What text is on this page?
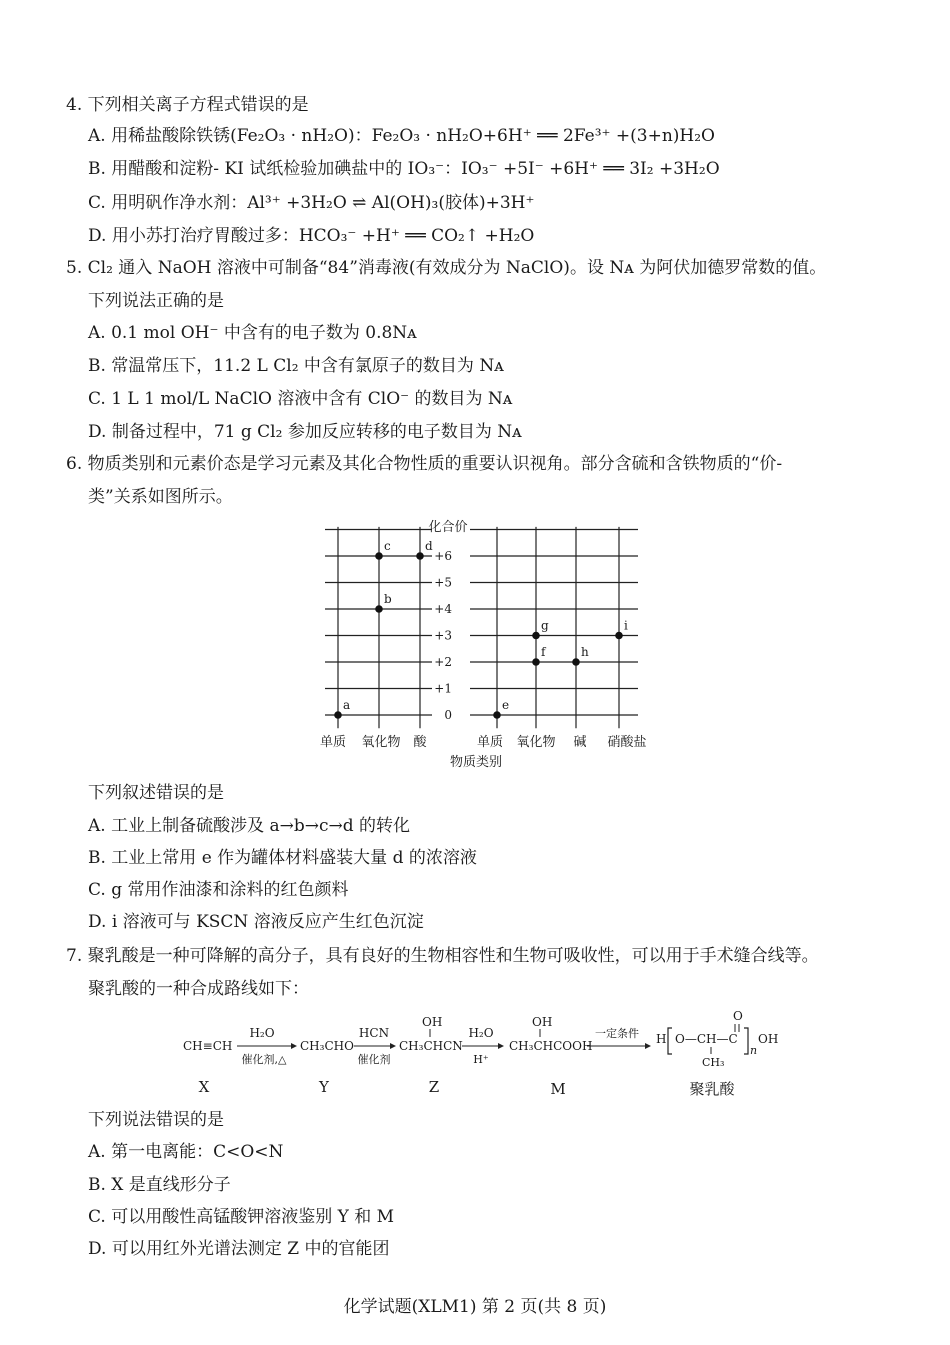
4. 下列相关离子方程式错误的是
A. 用稀盐酸除铁锈(Fe₂O₃ · nH₂O)：Fe₂O₃ · nH₂O+6H⁺ ══ 2Fe³⁺ +(3+n)H₂O
B. 用醋酸和淀粉- KI 试纸检验加碘盐中的 IO₃⁻：IO₃⁻ +5I⁻ +6H⁺ ══ 3I₂ +3H₂O
C. 用明矾作净水剂：Al³⁺ +3H₂O ⇌ Al(OH)₃(胶体)+3H⁺
D. 用小苏打治疗胃酸过多：HCO₃⁻ +H⁺ ══ CO₂↑ +H₂O
5. Cl₂ 通入 NaOH 溶液中可制备“84”消毒液(有效成分为 NaClO)。设 Nᴀ 为阿伏加德罗常数的值。
下列说法正确的是
A. 0.1 mol OH⁻ 中含有的电子数为 0.8Nᴀ
B. 常温常压下，11.2 L Cl₂ 中含有氯原子的数目为 Nᴀ
C. 1 L 1 mol/L NaClO 溶液中含有 ClO⁻ 的数目为 Nᴀ
D. 制备过程中，71 g Cl₂ 参加反应转移的电子数目为 Nᴀ
6. 物质类别和元素价态是学习元素及其化合物性质的重要认识视角。部分含硫和含铁物质的“价-
类”关系如图所示。
化合价
物质类别
0
+1
+2
+3
+4
+5
+6
单质 氧化物 酸	单质 氧化物 碱 硝酸盐
a
b
c	d
e
f
g
h
i
下列叙述错误的是
A. 工业上制备硫酸涉及 a→b→c→d 的转化
B. 工业上常用 e 作为罐体材料盛装大量 d 的浓溶液
C. g 常用作油漆和涂料的红色颜料
D. i 溶液可与 KSCN 溶液反应产生红色沉淀
7. 聚乳酸是一种可降解的高分子，具有良好的生物相容性和生物可吸收性，可以用于手术缝合线等。
聚乳酸的一种合成路线如下：
CH≡CH
H₂O
催化剂,△
CH₃CHO
HCN
催化剂
OH
CH₃CHCN
H₂O
H⁺
OH
CH₃CHCOOH
一定条件 H O—CH—C
O
CH₃
n
OH
X	Y	Z	M	聚乳酸
下列说法错误的是
A. 第一电离能：C<O<N
B. X 是直线形分子
C. 可以用酸性高锰酸钾溶液鉴别 Y 和 M
D. 可以用红外光谱法测定 Z 中的官能团
化学试题(XLM1) 第 2 页(共 8 页)
